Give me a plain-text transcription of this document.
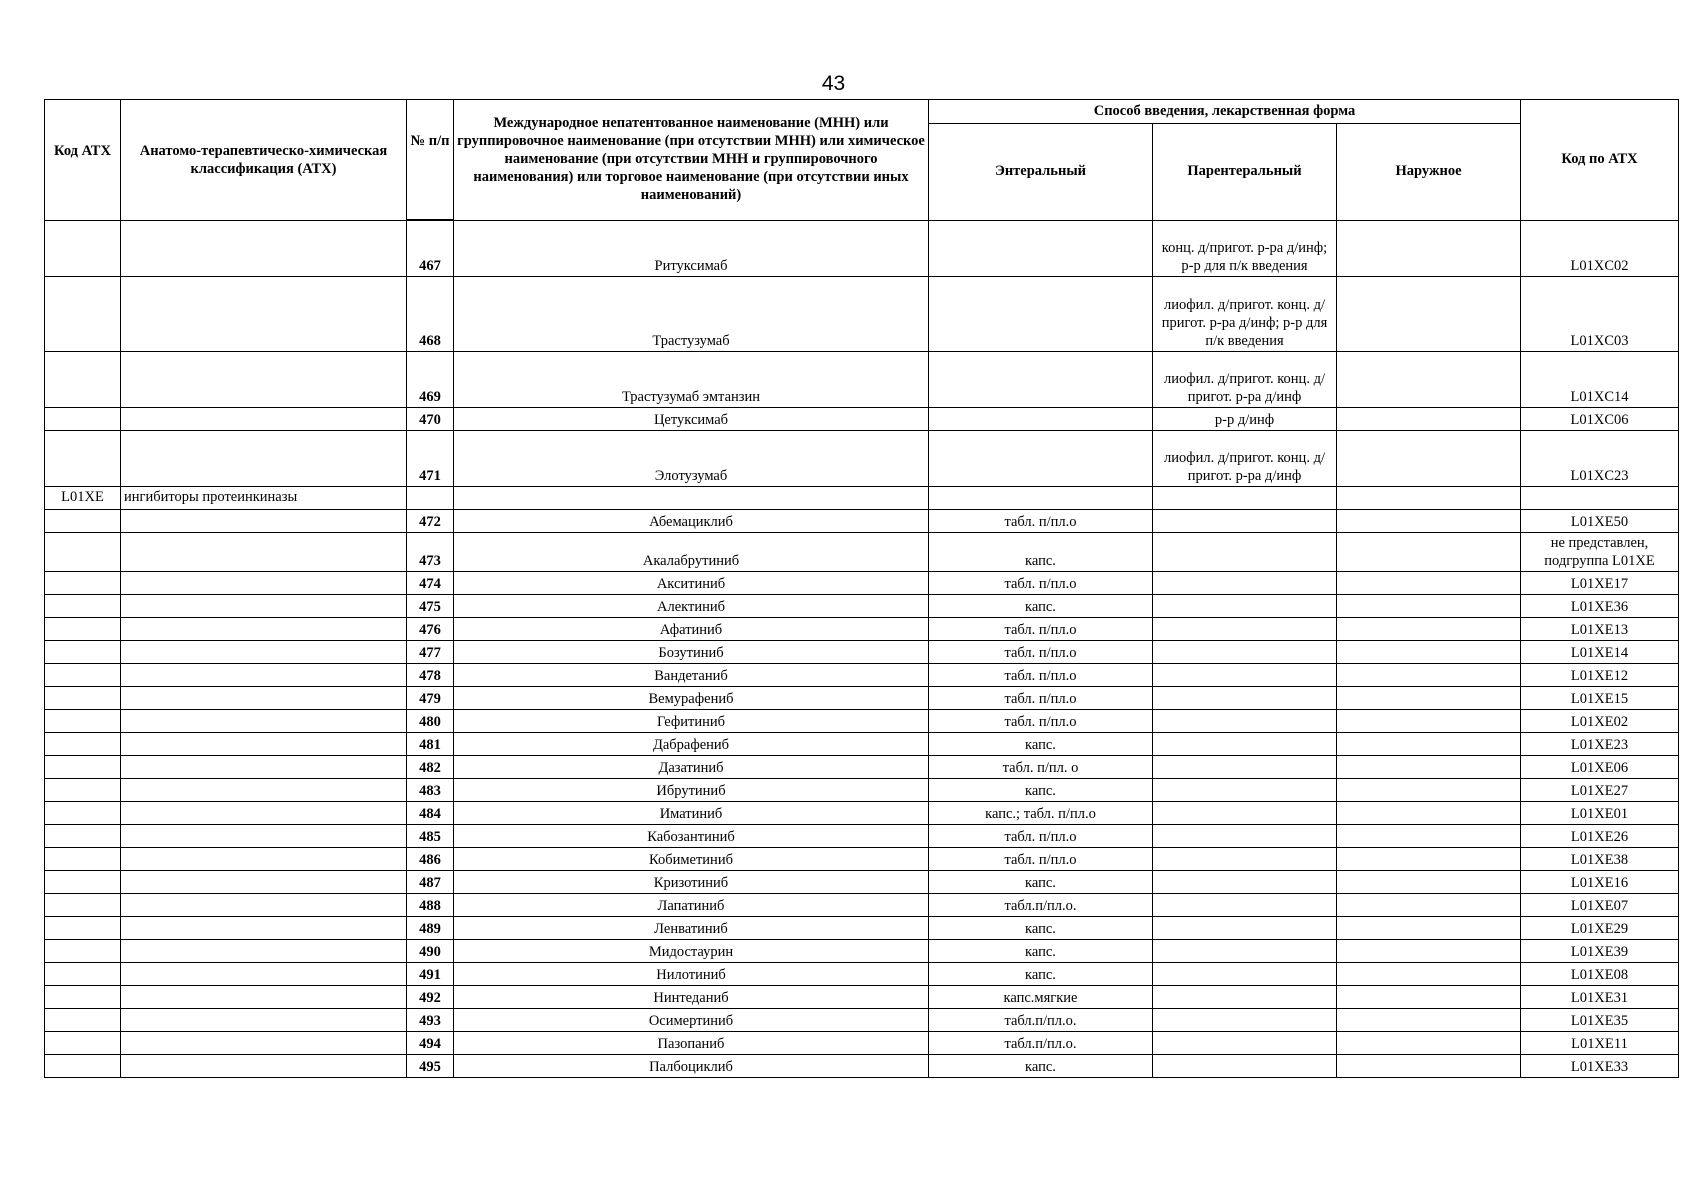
43
Код АТХ	Анатомо-терапевтическо-химическая классификация (АТХ)	№ п/п	Международное непатентованное наименование (МНН) или группировочное наименование (при отсутствии МНН) или химическое наименование (при отсутствии МНН и группировочного наименования) или торговое наименование (при отсутствии иных наименований)	Способ введения, лекарственная форма			Код по АТХ
				Энтеральный	Парентеральный	Наружное	

		467	Ритуксимаб		конц. д/пригот. р-ра д/инф; р-р для п/к введения		L01XC02
		468	Трастузумаб		лиофил. д/пригот. конц. д/пригот. р-ра д/инф; р-р для п/к введения		L01XC03
		469	Трастузумаб эмтанзин		лиофил. д/пригот. конц. д/пригот. р-ра д/инф		L01XC14
		470	Цетуксимаб		р-р д/инф		L01XC06
		471	Элотузумаб		лиофил. д/пригот. конц. д/пригот. р-ра д/инф		L01XC23
L01XE	ингибиторы протеинкиназы						
		472	Абемациклиб	табл. п/пл.о			L01XE50
		473	Акалабрутиниб	капс.			не представлен, подгруппа L01XE
		474	Акситиниб	табл. п/пл.о			L01XE17
		475	Алектиниб	капс.			L01XE36
		476	Афатиниб	табл. п/пл.о			L01XE13
		477	Бозутиниб	табл. п/пл.о			L01XE14
		478	Вандетаниб	табл. п/пл.о			L01XE12
		479	Вемурафениб	табл. п/пл.о			L01XE15
		480	Гефитиниб	табл. п/пл.о			L01XE02
		481	Дабрафениб	капс.			L01XE23
		482	Дазатиниб	табл. п/пл. о			L01XE06
		483	Ибрутиниб	капс.			L01XE27
		484	Иматиниб	капс.; табл. п/пл.о			L01XE01
		485	Кабозантиниб	табл. п/пл.о			L01XE26
		486	Кобиметиниб	табл. п/пл.о			L01XE38
		487	Кризотиниб	капс.			L01XE16
		488	Лапатиниб	табл.п/пл.о.			L01XE07
		489	Ленватиниб	капс.			L01XE29
		490	Мидостаурин	капс.			L01XE39
		491	Нилотиниб	капс.			L01XE08
		492	Нинтеданиб	капс.мягкие			L01XE31
		493	Осимертиниб	табл.п/пл.о.			L01XE35
		494	Пазопаниб	табл.п/пл.о.			L01XE11
		495	Палбоциклиб	капс.			L01XE33
